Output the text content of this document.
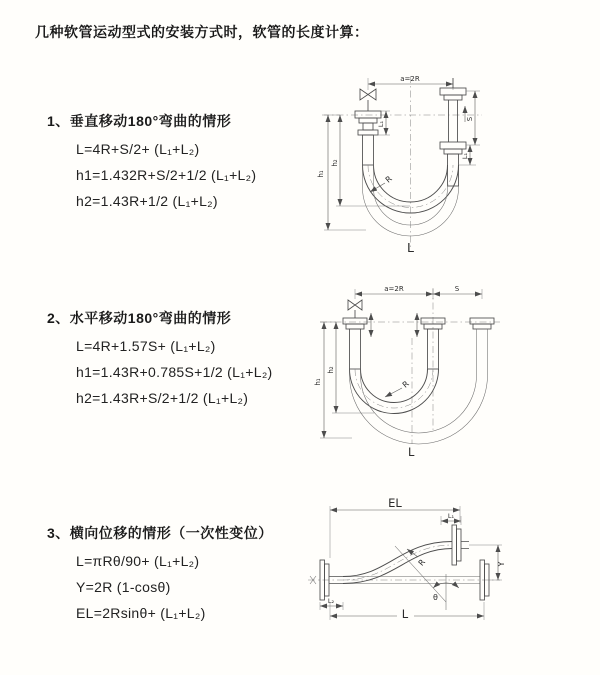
几种软管运动型式的安装方式时，软管的长度计算：
1、垂直移动180°弯曲的情形
L=4R+S/2+ (L₁+L₂)
h1=1.432R+S/2+1/2 (L₁+L₂)
h2=1.43R+1/2 (L₁+L₂)
2、水平移动180°弯曲的情形
L=4R+1.57S+ (L₁+L₂)
h1=1.43R+0.785S+1/2 (L₁+L₂)
h2=1.43R+S/2+1/2 (L₁+L₂)
3、横向位移的情形（一次性变位）
L=πRθ/90+ (L₁+L₂)
Y=2R (1-cosθ)
EL=2Rsinθ+ (L₁+L₂)
a=2R
h₁
h₂
L₁
S
L₁
R
L
a=2R	S
h₁
h₂
R
L
EL
L₁
Y
θ
R
L₂
L
